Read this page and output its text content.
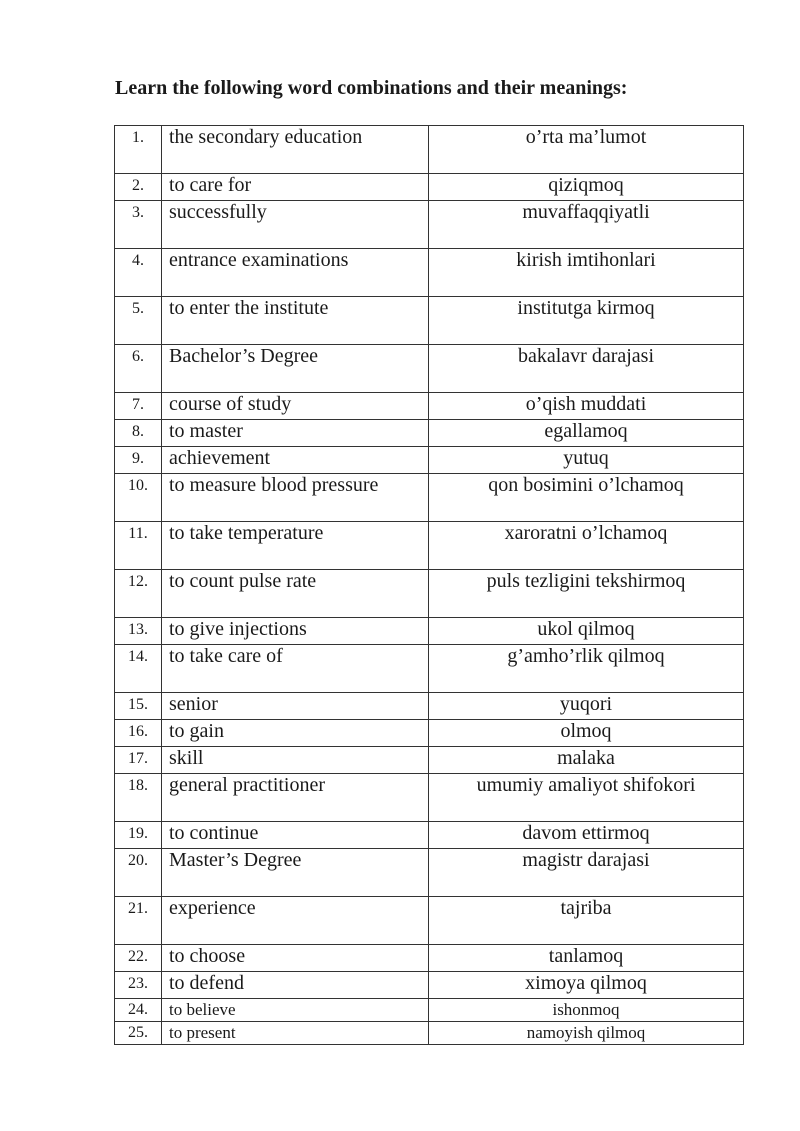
Learn the following word combinations and their meanings:
1.	the secondary education	o’rta ma’lumot
2.	to care for	qiziqmoq
3.	successfully	muvaffaqqiyatli
4.	entrance examinations	kirish imtihonlari
5.	to enter the institute	institutga kirmoq
6.	Bachelor’s Degree	bakalavr darajasi
7.	course of study	o’qish muddati
8.	to master	egallamoq
9.	achievement	yutuq
10.	to measure blood pressure	qon bosimini o’lchamoq
11.	to take temperature	xaroratni o’lchamoq
12.	to count pulse rate	puls tezligini tekshirmoq
13.	to give injections	ukol qilmoq
14.	to take care of	g’amho’rlik qilmoq
15.	senior	yuqori
16.	to gain	olmoq
17.	skill	malaka
18.	general practitioner	umumiy amaliyot shifokori
19.	to continue	davom ettirmoq
20.	Master’s Degree	magistr darajasi
21.	experience	tajriba
22.	to choose	tanlamoq
23.	to defend	ximoya qilmoq
24.	to believe	ishonmoq
25.	to present	namoyish qilmoq
